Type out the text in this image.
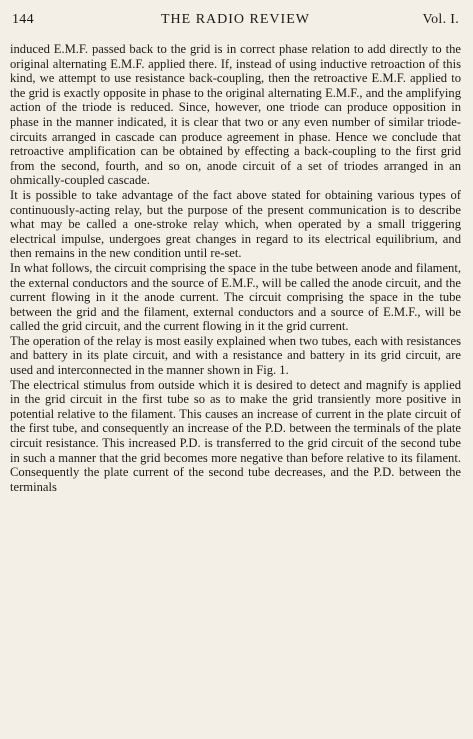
144	THE RADIO REVIEW	Vol. I.

induced E.M.F. passed back to the grid is in correct phase relation to add directly to the original alternating E.M.F. applied there. If, instead of using inductive retroaction of this kind, we attempt to use resistance back-coupling, then the retroactive E.M.F. applied to the grid is exactly opposite in phase to the original alternating E.M.F., and the amplifying action of the triode is reduced. Since, however, one triode can produce opposition in phase in the manner indicated, it is clear that two or any even number of similar triode-circuits arranged in cascade can produce agreement in phase. Hence we conclude that retroactive amplification can be obtained by effecting a back-coupling to the first grid from the second, fourth, and so on, anode circuit of a set of triodes arranged in an ohmically-coupled cascade.

It is possible to take advantage of the fact above stated for obtaining various types of continuously-acting relay, but the purpose of the present communication is to describe what may be called a one-stroke relay which, when operated by a small triggering electrical impulse, undergoes great changes in regard to its electrical equilibrium, and then remains in the new condition until re-set.

In what follows, the circuit comprising the space in the tube between anode and filament, the external conductors and the source of E.M.F., will be called the anode circuit, and the current flowing in it the anode current. The circuit comprising the space in the tube between the grid and the filament, external conductors and a source of E.M.F., will be called the grid circuit, and the current flowing in it the grid current.

The operation of the relay is most easily explained when two tubes, each with resistances and battery in its plate circuit, and with a resistance and battery in its grid circuit, are used and interconnected in the manner shown in Fig. 1.

The electrical stimulus from outside which it is desired to detect and magnify is applied in the grid circuit in the first tube so as to make the grid transiently more positive in potential relative to the filament. This causes an increase of current in the plate circuit of the first tube, and consequently an increase of the P.D. between the terminals of the plate circuit resistance. This increased P.D. is transferred to the grid circuit of the second tube in such a manner that the grid becomes more negative than before relative to its filament. Consequently the plate current of the second tube decreases, and the P.D. between the terminals
